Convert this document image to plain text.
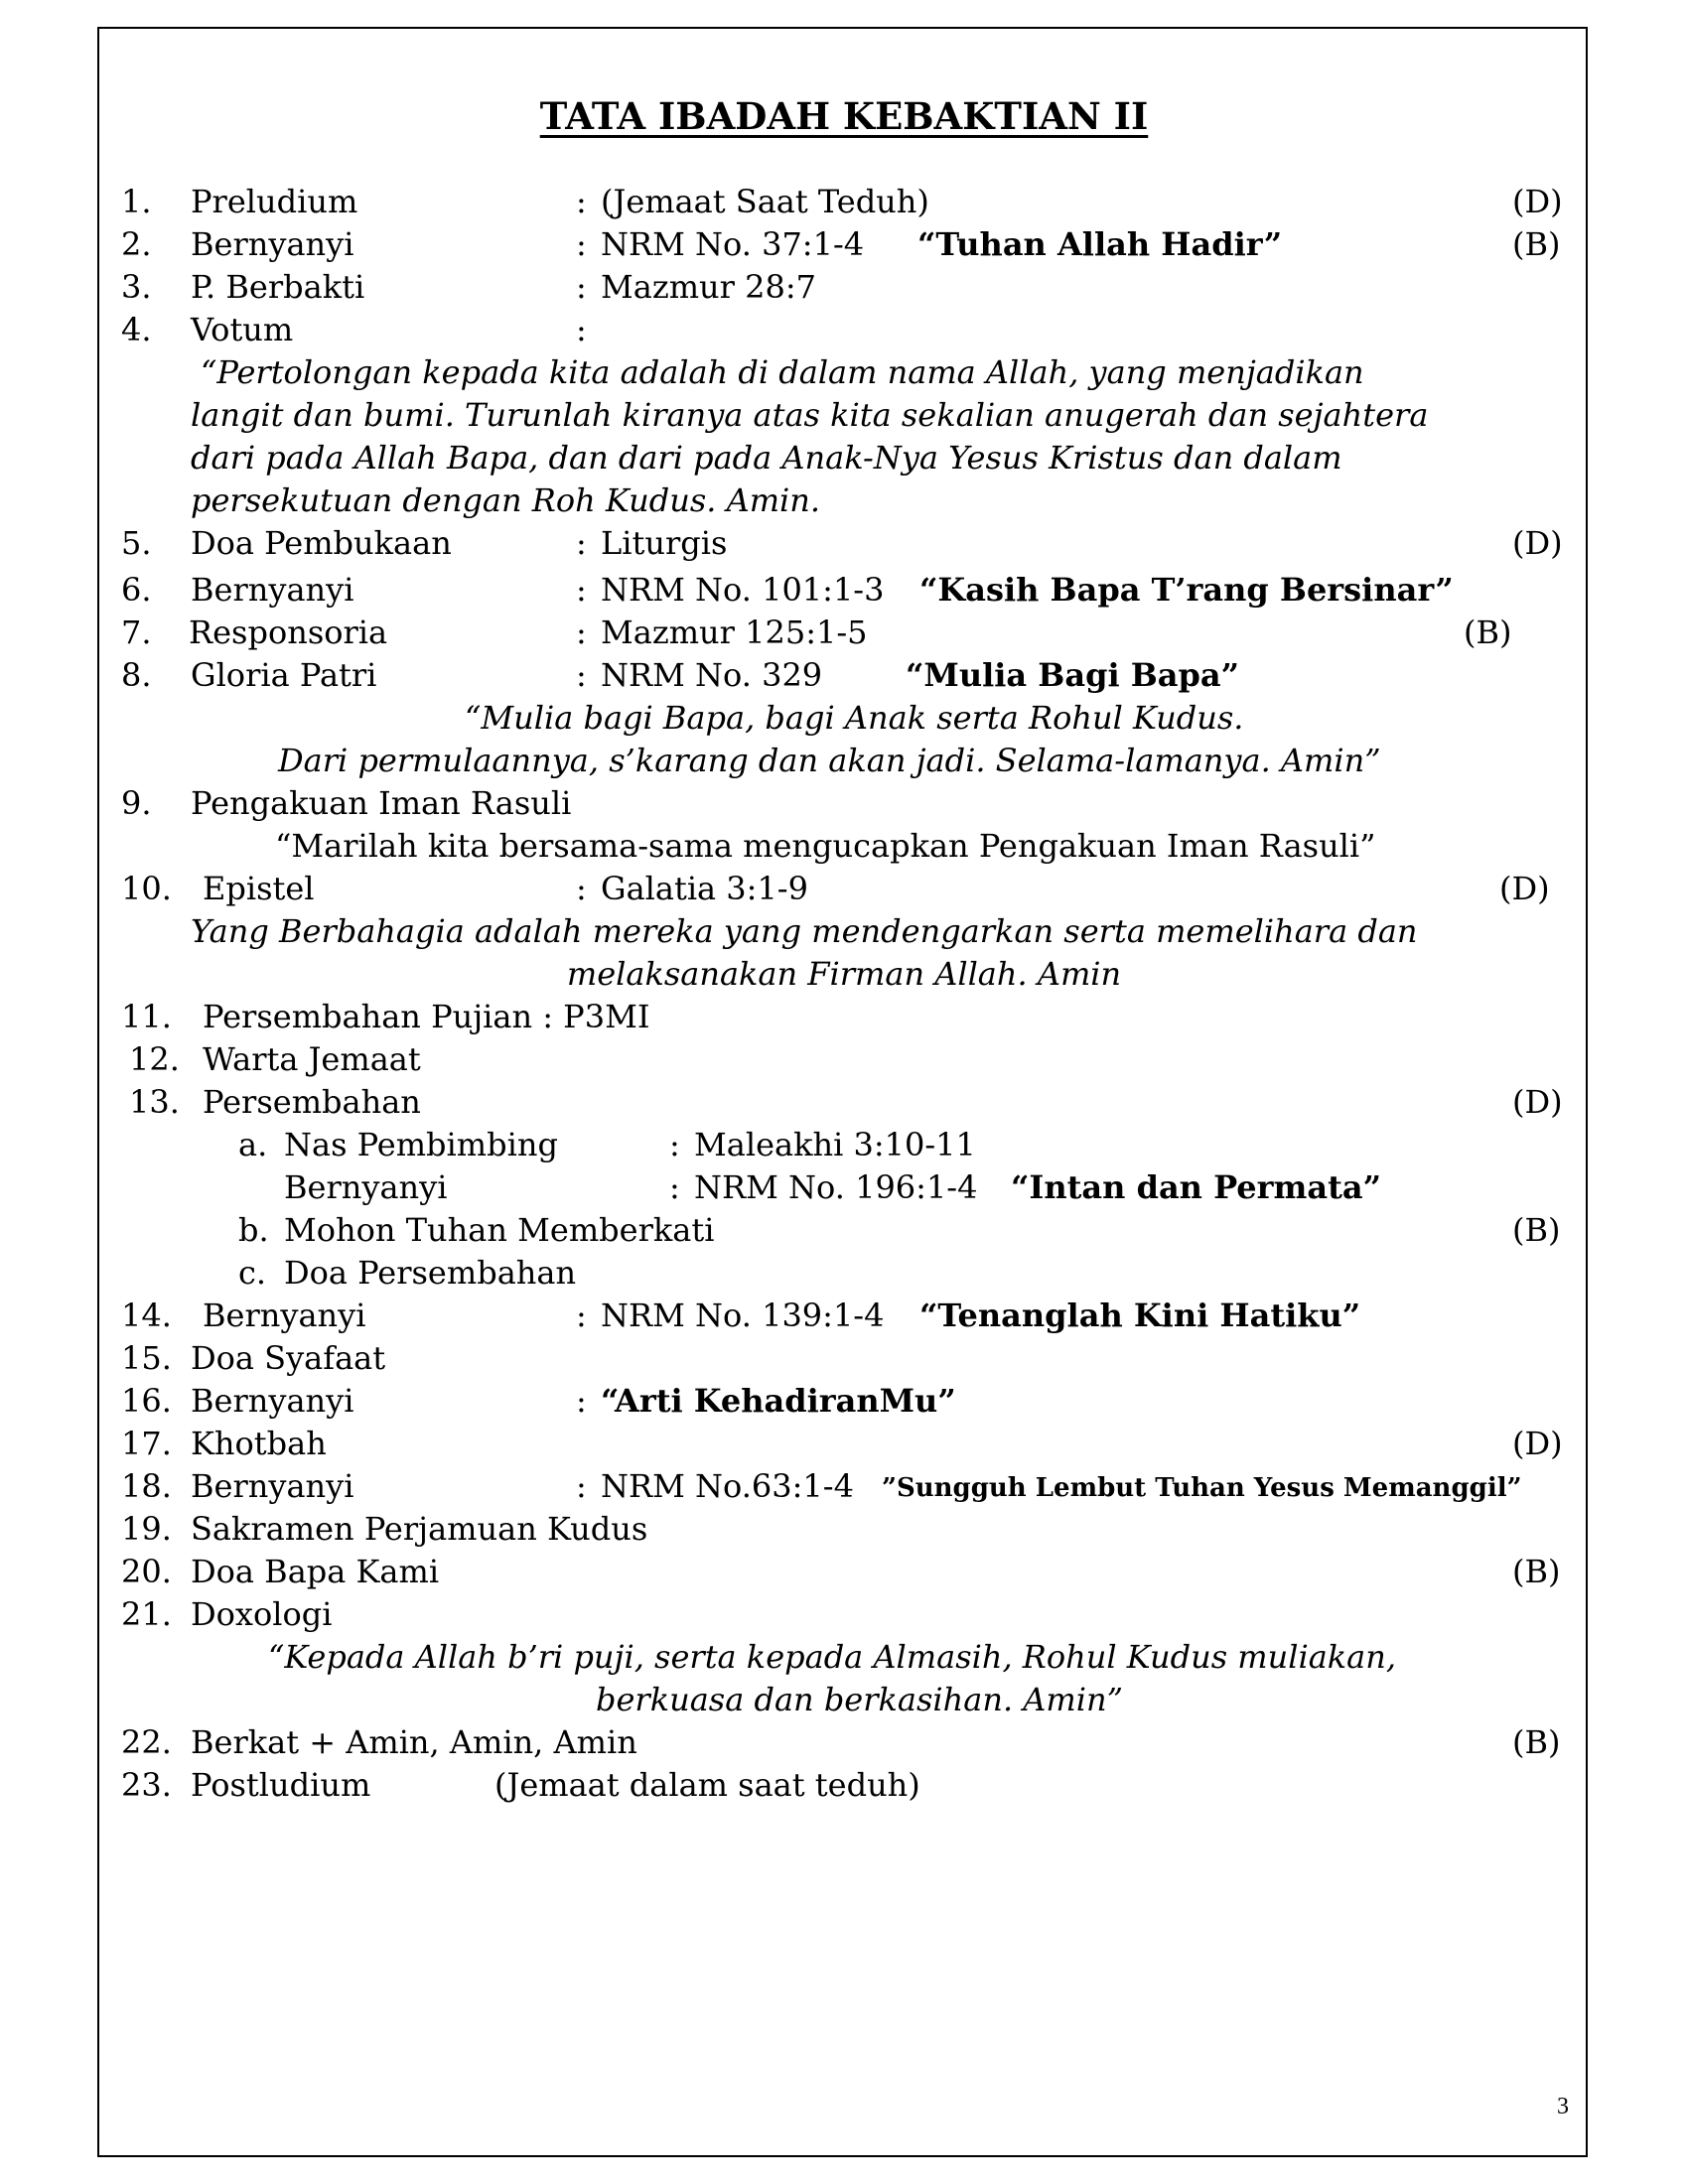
TATA IBADAH KEBAKTIAN II
1. Preludium	: (Jemaat Saat Teduh)	(D)
2. Bernyanyi	: NRM No. 37:1-4 “Tuhan Allah Hadir”	(B)
3. P. Berbakti	: Mazmur 28:7
4. Votum	:
“Pertolongan kepada kita adalah di dalam nama Allah, yang menjadikan
langit dan bumi. Turunlah kiranya atas kita sekalian anugerah dan sejahtera
dari pada Allah Bapa, dan dari pada Anak-Nya Yesus Kristus dan dalam
persekutuan dengan Roh Kudus. Amin.
5. Doa Pembukaan	: Liturgis	(D)
6. Bernyanyi	: NRM No. 101:1-3 “Kasih Bapa T’rang Bersinar”
7. Responsoria	: Mazmur 125:1-5	(B)
8. Gloria Patri	: NRM No. 329	“Mulia Bagi Bapa”
“Mulia bagi Bapa, bagi Anak serta Rohul Kudus.
Dari permulaannya, s’karang dan akan jadi. Selama-lamanya. Amin”
9. Pengakuan Iman Rasuli
“Marilah kita bersama-sama mengucapkan Pengakuan Iman Rasuli”
10. Epistel	: Galatia 3:1-9	(D)
Yang Berbahagia adalah mereka yang mendengarkan serta memelihara dan
melaksanakan Firman Allah. Amin
11. Persembahan Pujian : P3MI
12. Warta Jemaat
13. Persembahan	(D)
a. Nas Pembimbing	: Maleakhi 3:10-11
Bernyanyi	: NRM No. 196:1-4 “Intan dan Permata”
b. Mohon Tuhan Memberkati	(B)
c. Doa Persembahan
14. Bernyanyi	: NRM No. 139:1-4 “Tenanglah Kini Hatiku”
15. Doa Syafaat
16. Bernyanyi	: “Arti KehadiranMu”
17. Khotbah	(D)
18. Bernyanyi	: NRM No.63:1-4 ”Sungguh Lembut Tuhan Yesus Memanggil”
19. Sakramen Perjamuan Kudus
20. Doa Bapa Kami	(B)
21. Doxologi
“Kepada Allah b’ri puji, serta kepada Almasih, Rohul Kudus muliakan,
berkuasa dan berkasihan. Amin”
22. Berkat + Amin, Amin, Amin	(B)
23. Postludium	(Jemaat dalam saat teduh)
3
